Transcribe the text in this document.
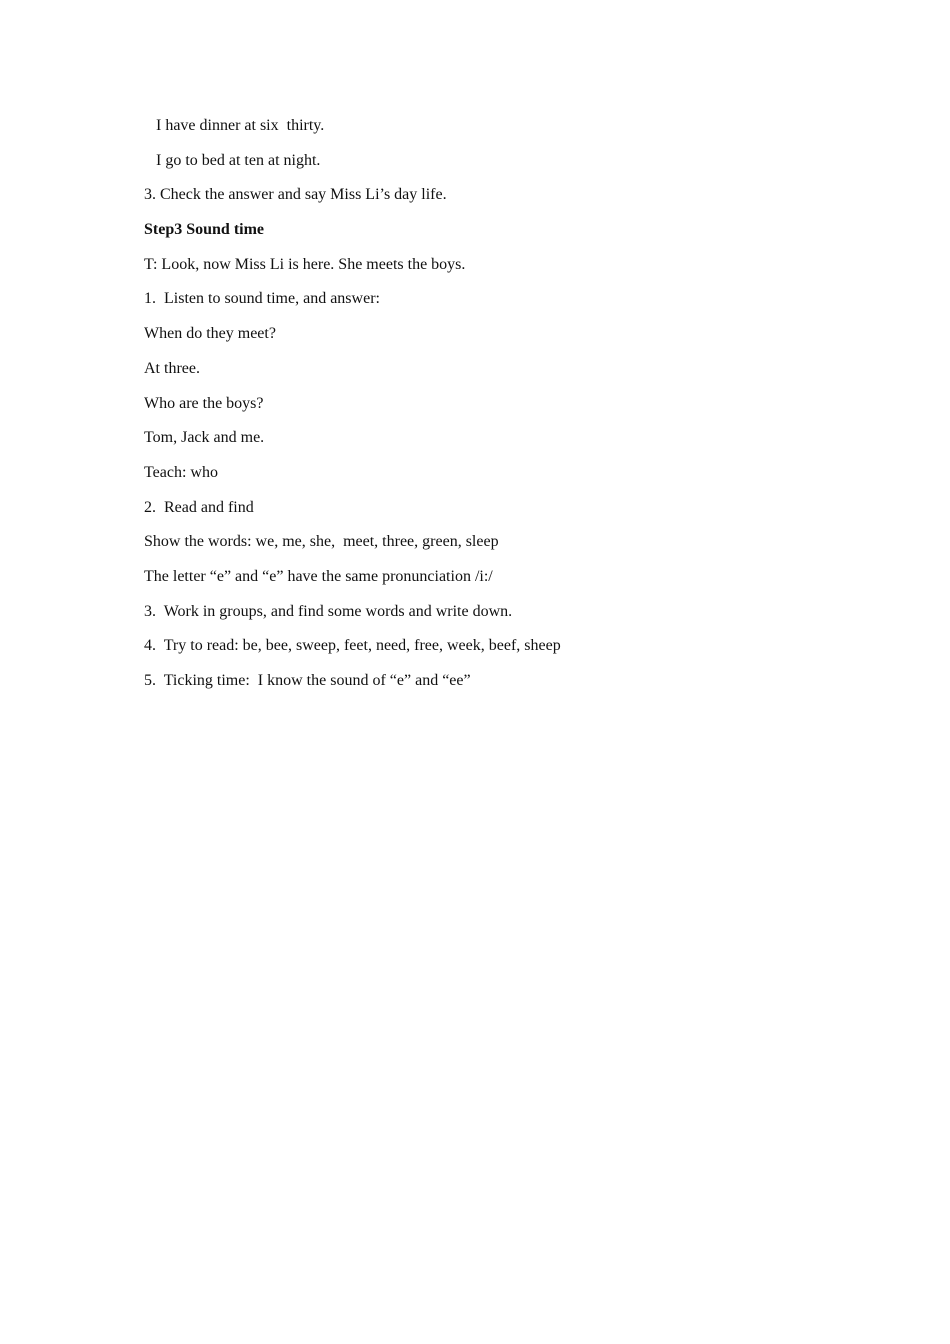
I have dinner at six  thirty.
I go to bed at ten at night.
3. Check the answer and say Miss Li’s day life.
Step3 Sound time
T: Look, now Miss Li is here. She meets the boys.
1.  Listen to sound time, and answer:
When do they meet?
At three.
Who are the boys?
Tom, Jack and me.
Teach: who
2.  Read and find
Show the words: we, me, she,  meet, three, green, sleep
The letter “e” and “e” have the same pronunciation /i:/
3.  Work in groups, and find some words and write down.
4.  Try to read: be, bee, sweep, feet, need, free, week, beef, sheep
5.  Ticking time:  I know the sound of “e” and “ee”
